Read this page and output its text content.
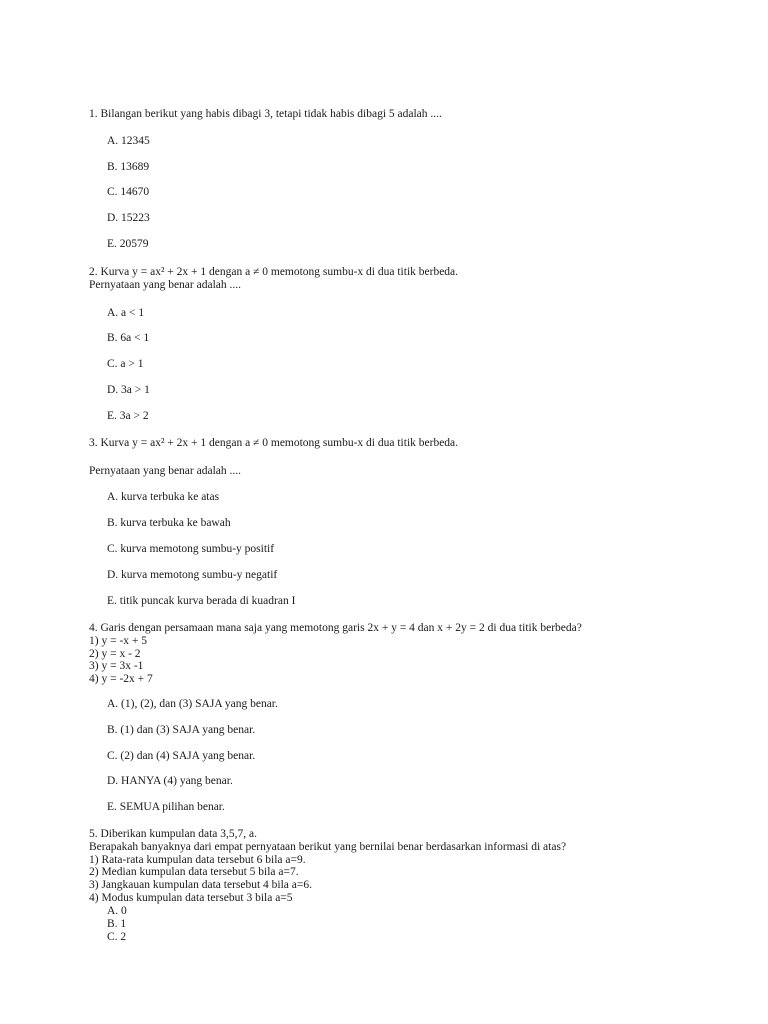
1. Bilangan berikut yang habis dibagi 3, tetapi tidak habis dibagi 5 adalah ....
A. 12345
B. 13689
C. 14670
D. 15223
E. 20579
2. Kurva y = ax² + 2x + 1 dengan a ≠ 0 memotong sumbu-x di dua titik berbeda.
Pernyataan yang benar adalah ....
A. a < 1
B. 6a < 1
C. a > 1
D. 3a > 1
E. 3a > 2
3. Kurva y = ax² + 2x + 1 dengan a ≠ 0 memotong sumbu-x di dua titik berbeda.
Pernyataan yang benar adalah ....
A. kurva terbuka ke atas
B. kurva terbuka ke bawah
C. kurva memotong sumbu-y positif
D. kurva memotong sumbu-y negatif
E. titik puncak kurva berada di kuadran I
4. Garis dengan persamaan mana saja yang memotong garis 2x + y = 4 dan x + 2y = 2 di dua titik berbeda?
1) y = -x + 5
2) y = x - 2
3) y = 3x -1
4) y = -2x + 7
A. (1), (2), dan (3) SAJA yang benar.
B. (1) dan (3) SAJA yang benar.
C. (2) dan (4) SAJA yang benar.
D. HANYA (4) yang benar.
E. SEMUA pilihan benar.
5. Diberikan kumpulan data 3,5,7, a.
Berapakah banyaknya dari empat pernyataan berikut yang bernilai benar berdasarkan informasi di atas?
1) Rata-rata kumpulan data tersebut 6 bila a=9.
2) Median kumpulan data tersebut 5 bila a=7.
3) Jangkauan kumpulan data tersebut 4 bila a=6.
4) Modus kumpulan data tersebut 3 bila a=5
A. 0
B. 1
C. 2
